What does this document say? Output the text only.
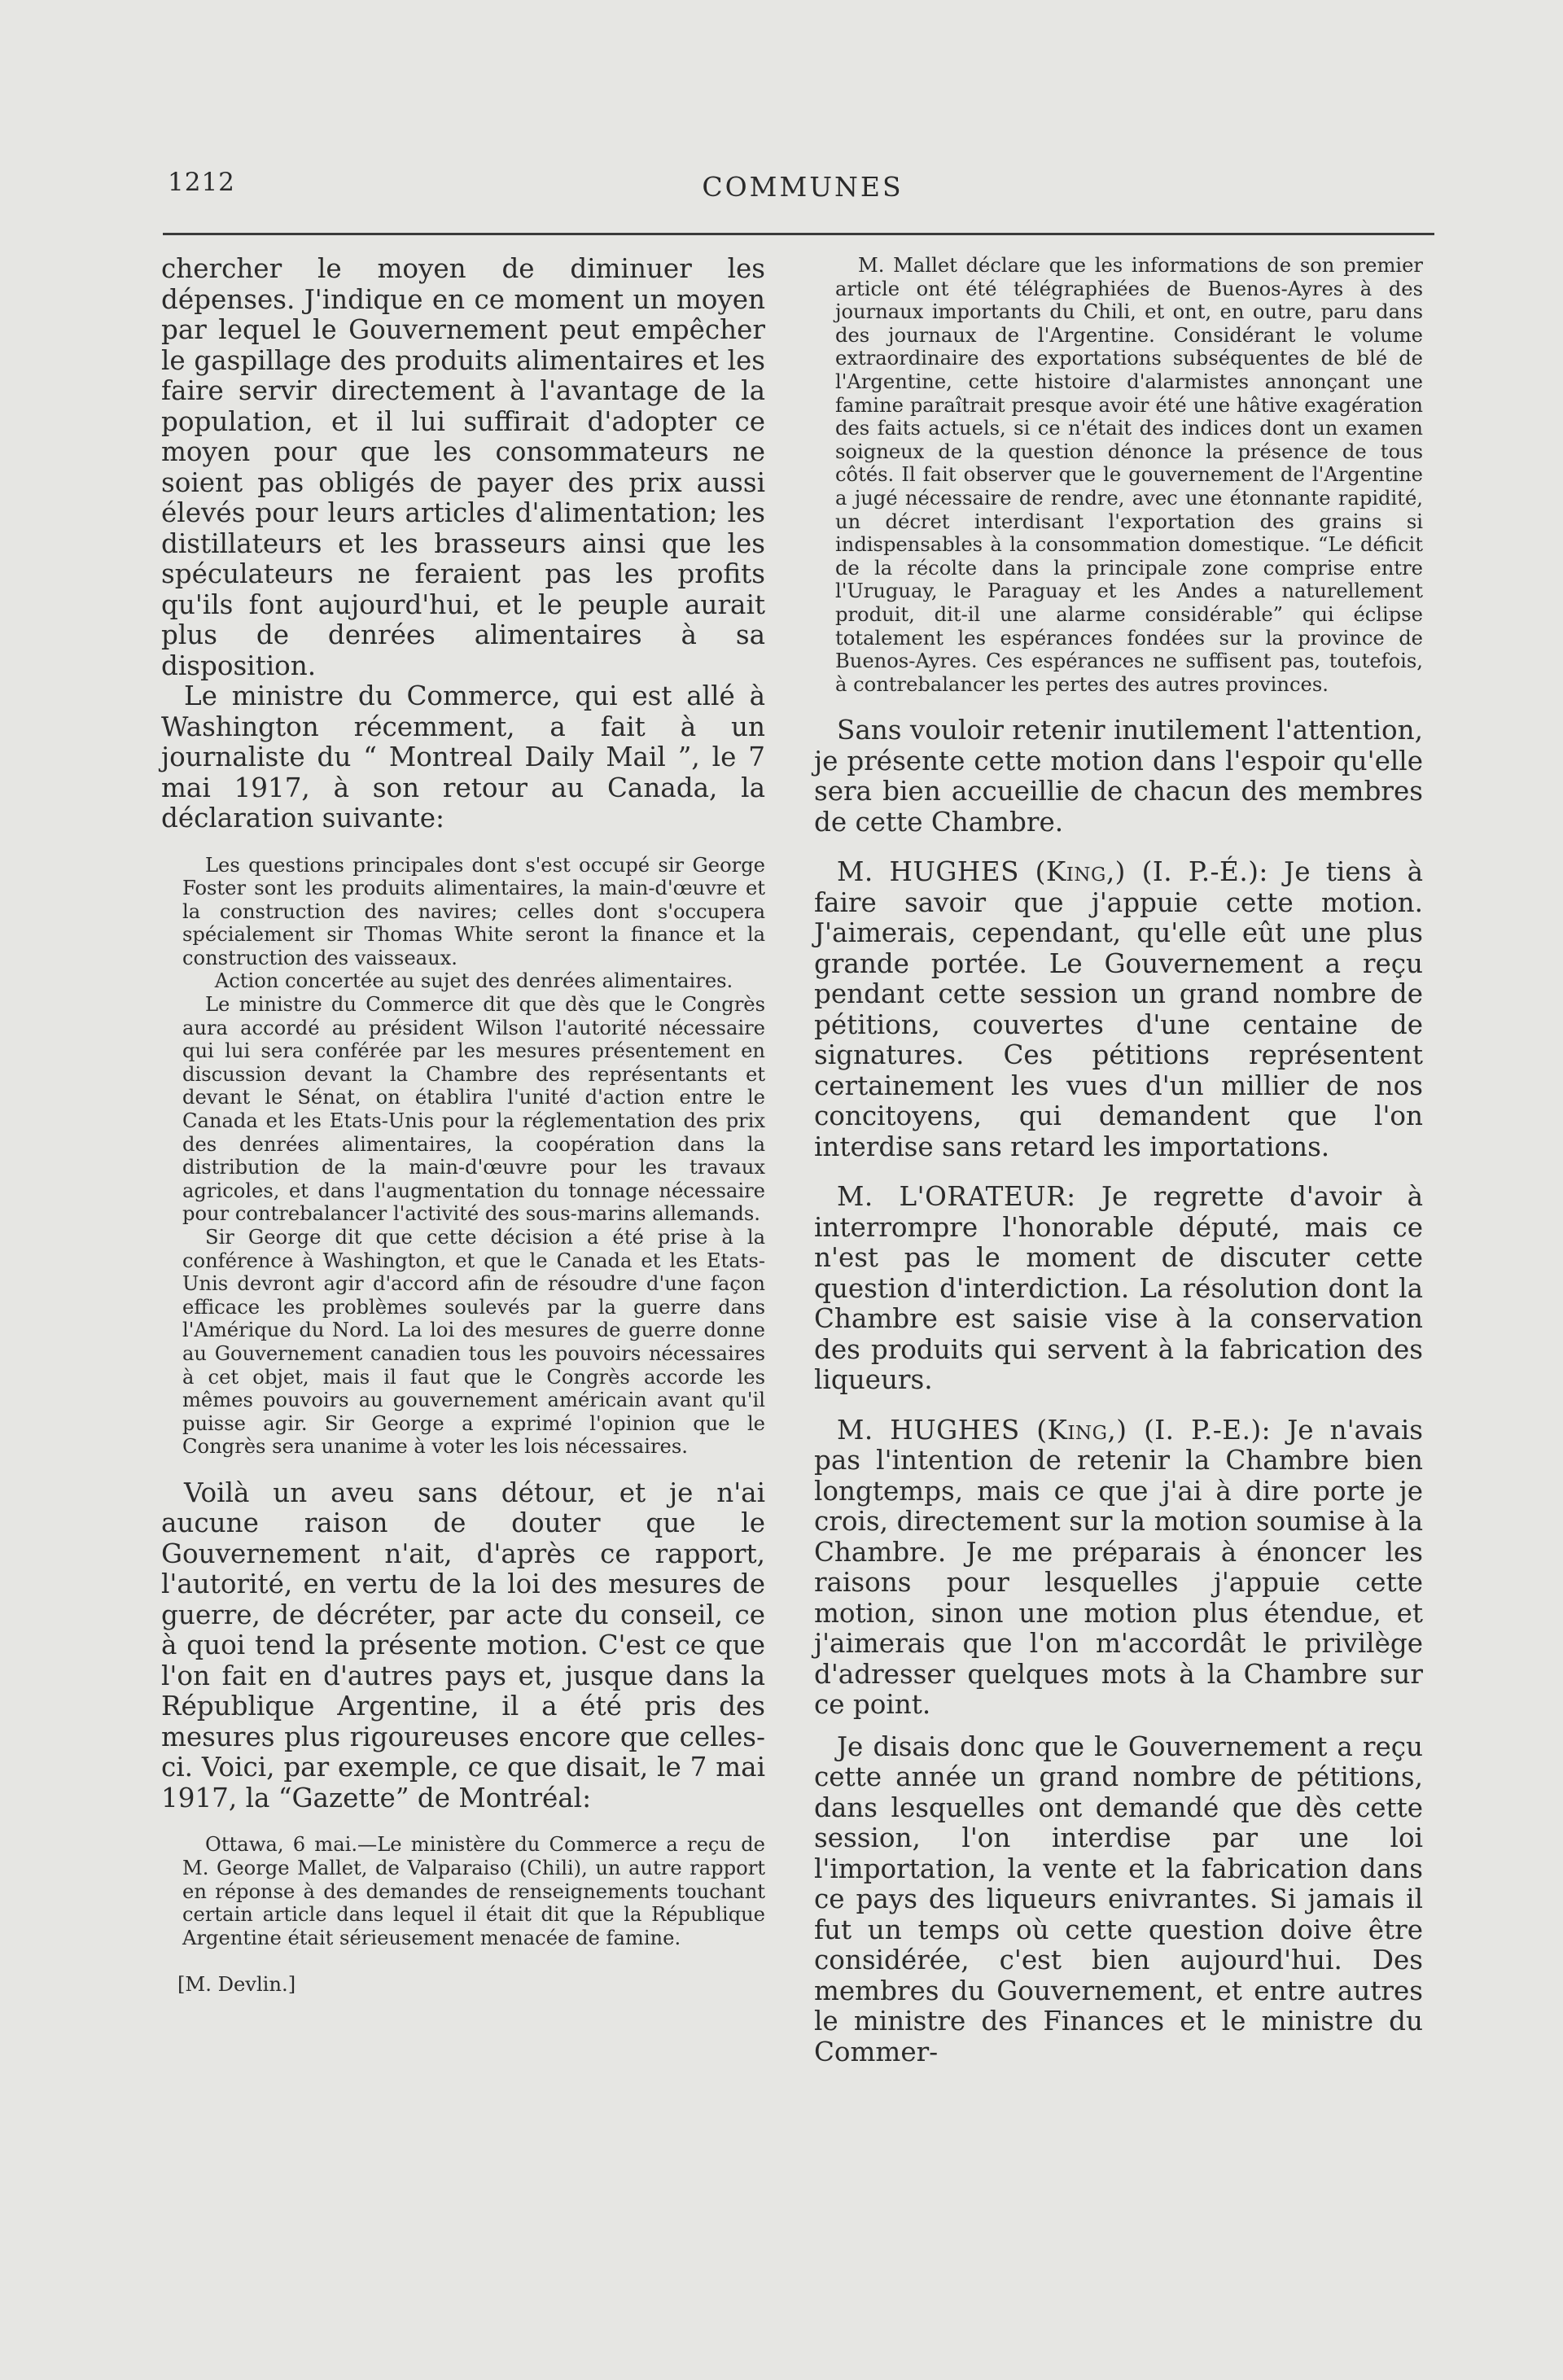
1212	COMMUNES

chercher le moyen de diminuer les dépenses. J'indique en ce moment un moyen par lequel le Gouvernement peut empêcher le gaspillage des produits alimentaires et les faire servir directement à l'avantage de la population, et il lui suffirait d'adopter ce moyen pour que les consommateurs ne soient pas obligés de payer des prix aussi élevés pour leurs articles d'alimentation; les distillateurs et les brasseurs ainsi que les spéculateurs ne feraient pas les profits qu'ils font aujourd'hui, et le peuple aurait plus de denrées alimentaires à sa disposition.

Le ministre du Commerce, qui est allé à Washington récemment, a fait à un journaliste du “ Montreal Daily Mail ”, le 7 mai 1917, à son retour au Canada, la déclaration suivante:

Les questions principales dont s'est occupé sir George Foster sont les produits alimentaires, la main-d'œuvre et la construction des navires; celles dont s'occupera spécialement sir Thomas White seront la finance et la construction des vaisseaux.

Action concertée au sujet des denrées alimentaires.

Le ministre du Commerce dit que dès que le Congrès aura accordé au président Wilson l'autorité nécessaire qui lui sera conférée par les mesures présentement en discussion devant la Chambre des représentants et devant le Sénat, on établira l'unité d'action entre le Canada et les Etats-Unis pour la réglementation des prix des denrées alimentaires, la coopération dans la distribution de la main-d'œuvre pour les travaux agricoles, et dans l'augmentation du tonnage nécessaire pour contrebalancer l'activité des sous-marins allemands.

Sir George dit que cette décision a été prise à la conférence à Washington, et que le Canada et les Etats-Unis devront agir d'accord afin de résoudre d'une façon efficace les problèmes soulevés par la guerre dans l'Amérique du Nord. La loi des mesures de guerre donne au Gouvernement canadien tous les pouvoirs nécessaires à cet objet, mais il faut que le Congrès accorde les mêmes pouvoirs au gouvernement américain avant qu'il puisse agir. Sir George a exprimé l'opinion que le Congrès sera unanime à voter les lois nécessaires.

Voilà un aveu sans détour, et je n'ai aucune raison de douter que le Gouvernement n'ait, d'après ce rapport, l'autorité, en vertu de la loi des mesures de guerre, de décréter, par acte du conseil, ce à quoi tend la présente motion. C'est ce que l'on fait en d'autres pays et, jusque dans la République Argentine, il a été pris des mesures plus rigoureuses encore que celles-ci. Voici, par exemple, ce que disait, le 7 mai 1917, la “Gazette” de Montréal:

Ottawa, 6 mai.—Le ministère du Commerce a reçu de M. George Mallet, de Valparaiso (Chili), un autre rapport en réponse à des demandes de renseignements touchant certain article dans lequel il était dit que la République Argentine était sérieusement menacée de famine.

[M. Devlin.]

M. Mallet déclare que les informations de son premier article ont été télégraphiées de Buenos-Ayres à des journaux importants du Chili, et ont, en outre, paru dans des journaux de l'Argentine. Considérant le volume extraordinaire des exportations subséquentes de blé de l'Argentine, cette histoire d'alarmistes annonçant une famine paraîtrait presque avoir été une hâtive exagération des faits actuels, si ce n'était des indices dont un examen soigneux de la question dénonce la présence de tous côtés. Il fait observer que le gouvernement de l'Argentine a jugé nécessaire de rendre, avec une étonnante rapidité, un décret interdisant l'exportation des grains si indispensables à la consommation domestique. “Le déficit de la récolte dans la principale zone comprise entre l'Uruguay, le Paraguay et les Andes a naturellement produit, dit-il une alarme considérable” qui éclipse totalement les espérances fondées sur la province de Buenos-Ayres. Ces espérances ne suffisent pas, toutefois, à contrebalancer les pertes des autres provinces.

Sans vouloir retenir inutilement l'attention, je présente cette motion dans l'espoir qu'elle sera bien accueillie de chacun des membres de cette Chambre.

M. HUGHES (King,) (I. P.-É.): Je tiens à faire savoir que j'appuie cette motion. J'aimerais, cependant, qu'elle eût une plus grande portée. Le Gouvernement a reçu pendant cette session un grand nombre de pétitions, couvertes d'une centaine de signatures. Ces pétitions représentent certainement les vues d'un millier de nos concitoyens, qui demandent que l'on interdise sans retard les importations.

M. L'ORATEUR: Je regrette d'avoir à interrompre l'honorable député, mais ce n'est pas le moment de discuter cette question d'interdiction. La résolution dont la Chambre est saisie vise à la conservation des produits qui servent à la fabrication des liqueurs.

M. HUGHES (King,) (I. P.-E.): Je n'avais pas l'intention de retenir la Chambre bien longtemps, mais ce que j'ai à dire porte je crois, directement sur la motion soumise à la Chambre. Je me préparais à énoncer les raisons pour lesquelles j'appuie cette motion, sinon une motion plus étendue, et j'aimerais que l'on m'accordât le privilège d'adresser quelques mots à la Chambre sur ce point.

Je disais donc que le Gouvernement a reçu cette année un grand nombre de pétitions, dans lesquelles ont demandé que dès cette session, l'on interdise par une loi l'importation, la vente et la fabrication dans ce pays des liqueurs enivrantes. Si jamais il fut un temps où cette question doive être considérée, c'est bien aujourd'hui. Des membres du Gouvernement, et entre autres le ministre des Finances et le ministre du Commer-
